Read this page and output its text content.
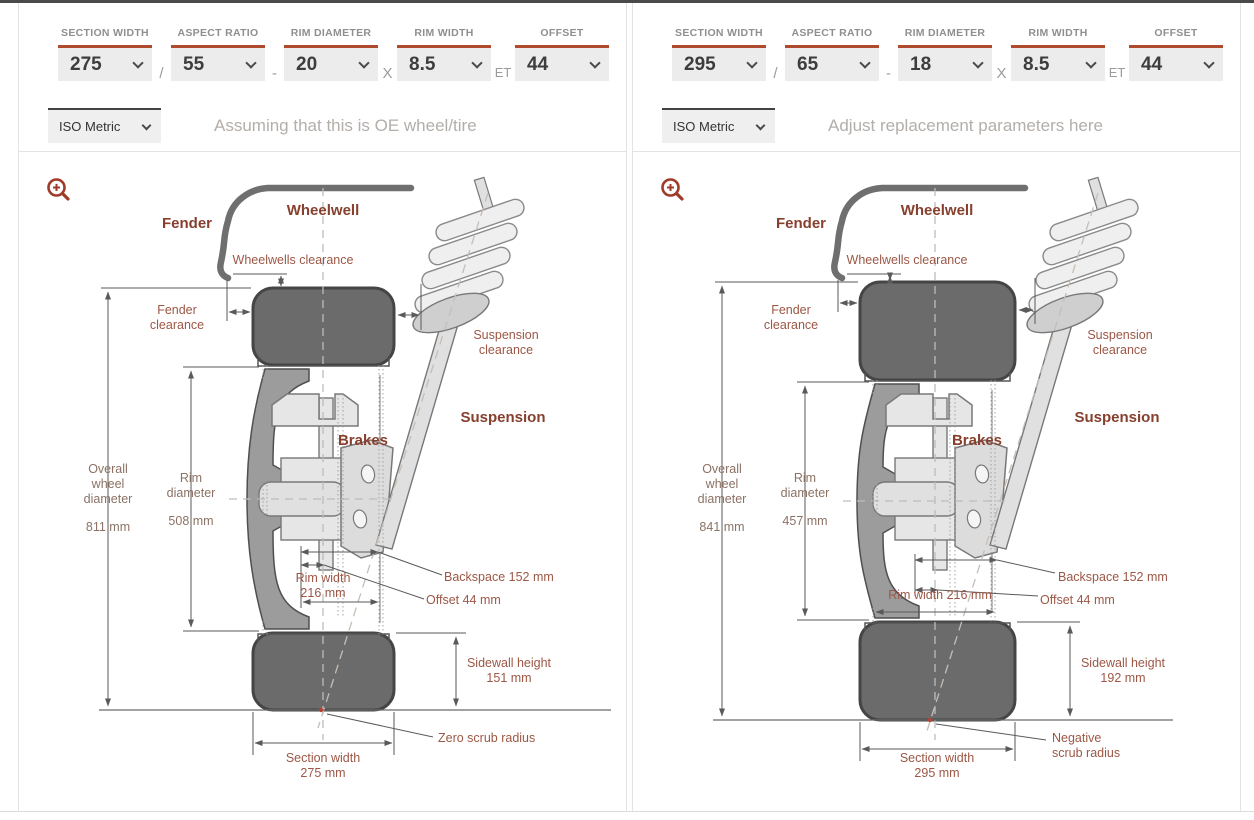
SECTION WIDTH
275	/
ASPECT RATIO
55	-
RIM DIAMETER
20	X
RIM WIDTH
8.5	ET
OFFSET
44
ISO Metric	Assuming that this is OE wheel/tire
Fender
Wheelwell
Wheelwells clearance
Fender
clearance
Suspension
clearance
Suspension
Brakes
Overall
wheel
diameter
811 mm
Rim
diameter
508 mm
Rim width
216 mm
Backspace 152 mm
Offset 44 mm
Sidewall height
151 mm
Zero scrub radius
Section width
275 mm
SECTION WIDTH
295	/
ASPECT RATIO
65	-
RIM DIAMETER
18	X
RIM WIDTH
8.5	ET
OFFSET
44
ISO Metric	Adjust replacement parameters here
Fender
Wheelwell
Wheelwells clearance
Fender
clearance
Suspension
clearance
Suspension
Brakes
Overall
wheel
diameter
841 mm
Rim
diameter
457 mm
Rim width 216 mm
Backspace 152 mm
Offset 44 mm
Sidewall height
192 mm
Negative
scrub radius
Section width
295 mm
